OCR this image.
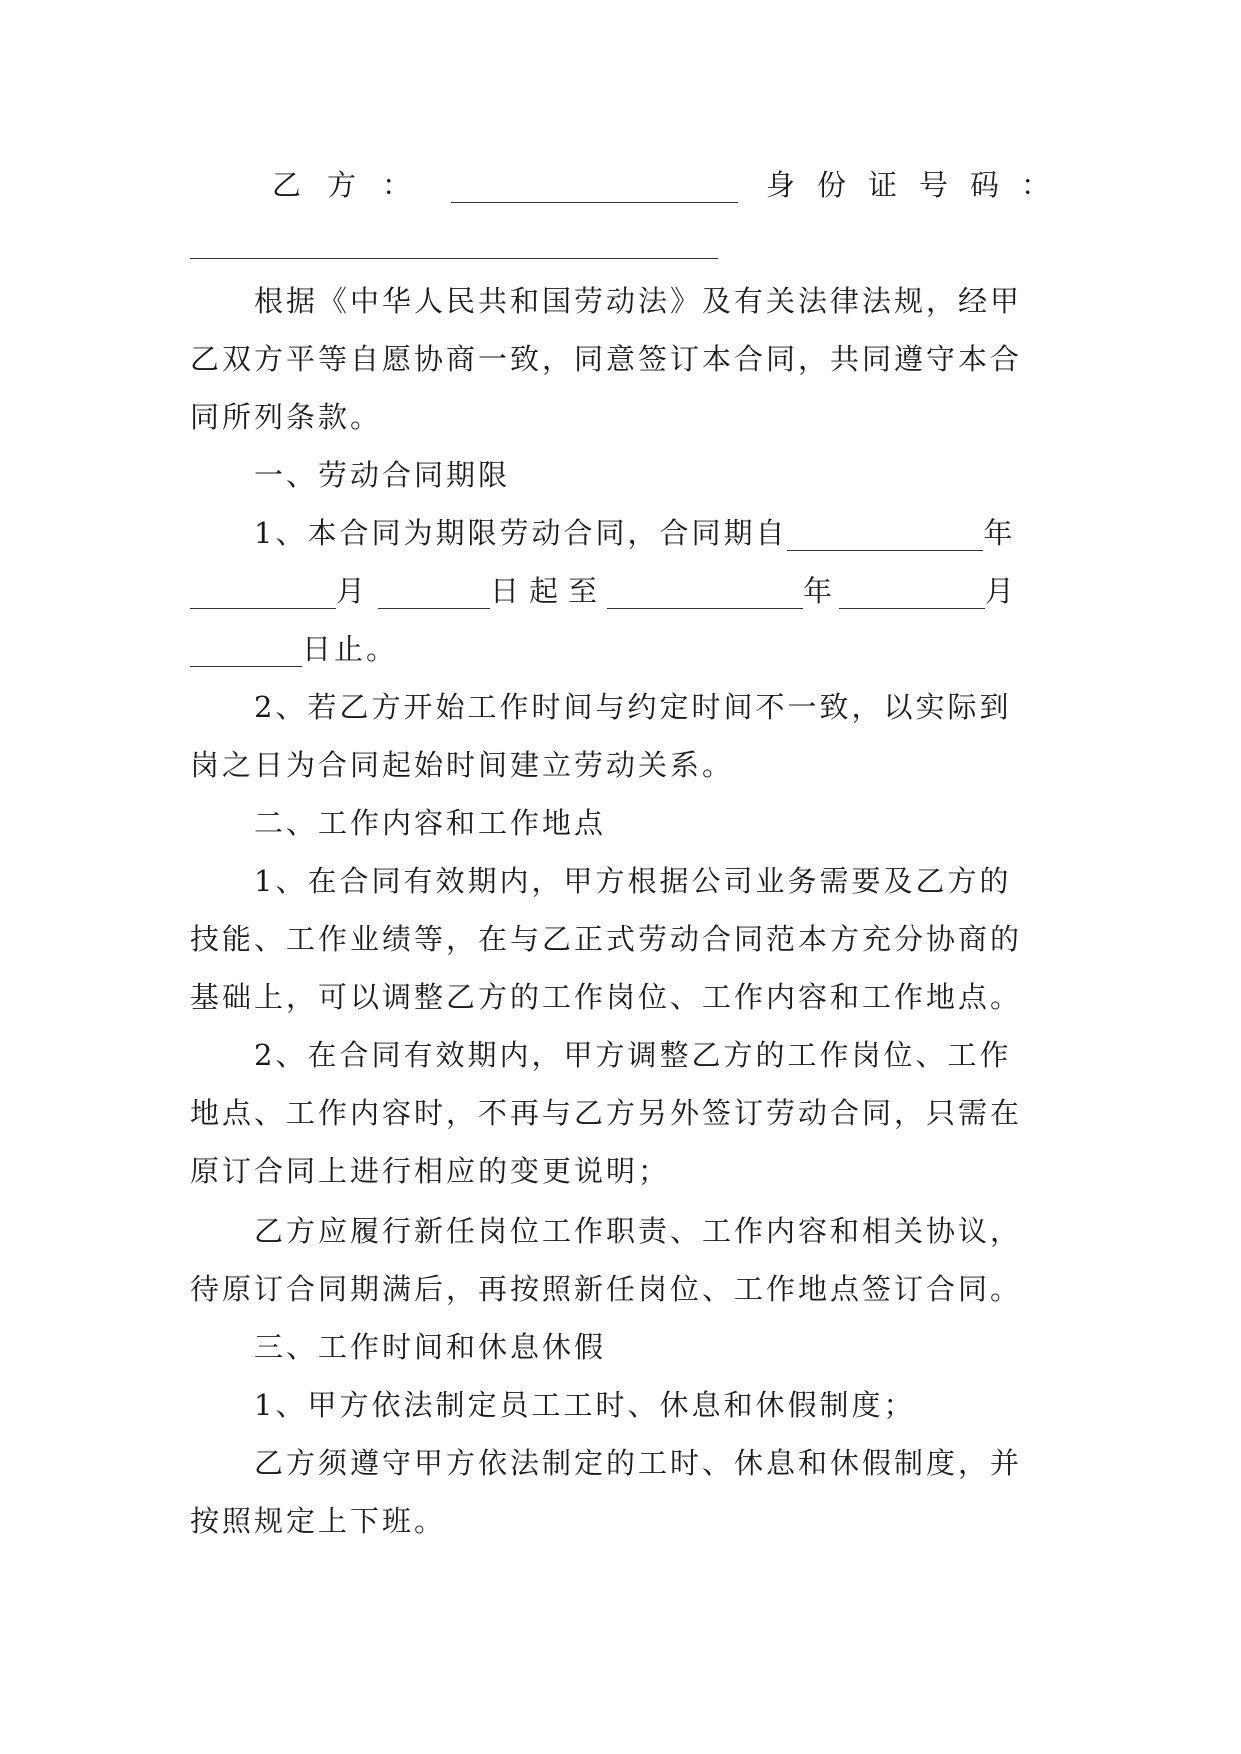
乙方：	身份证号码：
根据《中华人民共和国劳动法》及有关法律法规，经甲
乙双方平等自愿协商一致，同意签订本合同，共同遵守本合
同所列条款。
一、劳动合同期限
1、本合同为期限劳动合同，合同期自	年
月	日起至	年	月
日止。
2、若乙方开始工作时间与约定时间不一致，以实际到
岗之日为合同起始时间建立劳动关系。
二、工作内容和工作地点
1、在合同有效期内，甲方根据公司业务需要及乙方的
技能、工作业绩等，在与乙正式劳动合同范本方充分协商的
基础上，可以调整乙方的工作岗位、工作内容和工作地点。
2、在合同有效期内，甲方调整乙方的工作岗位、工作
地点、工作内容时，不再与乙方另外签订劳动合同，只需在
原订合同上进行相应的变更说明；
乙方应履行新任岗位工作职责、工作内容和相关协议，
待原订合同期满后，再按照新任岗位、工作地点签订合同。
三、工作时间和休息休假
1、甲方依法制定员工工时、休息和休假制度；
乙方须遵守甲方依法制定的工时、休息和休假制度，并
按照规定上下班。
